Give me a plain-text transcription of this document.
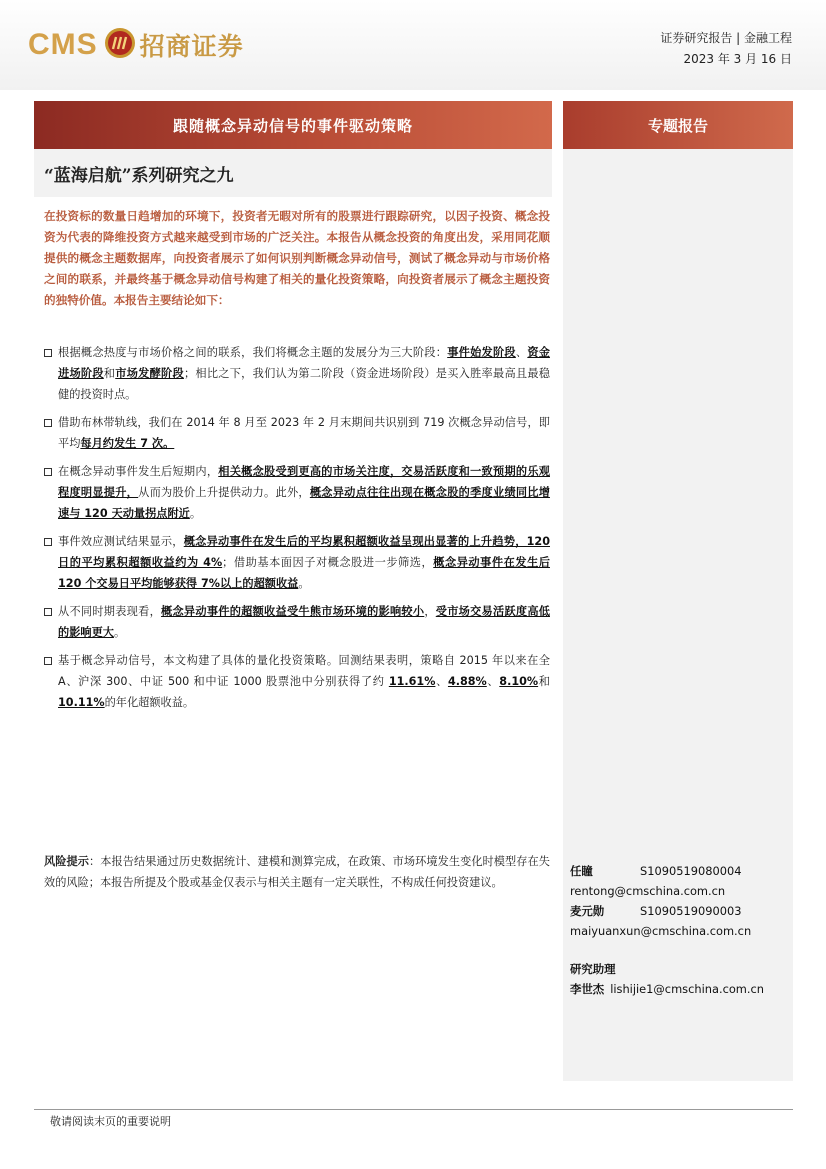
CMS 招商证券	证券研究报告 | 金融工程
2023 年 3 月 16 日
跟随概念异动信号的事件驱动策略	专题报告
“蓝海启航”系列研究之九

在投资标的数量日趋增加的环境下，投资者无暇对所有的股票进行跟踪研究，以因子投资、概念投资为代表的降维投资方式越来越受到市场的广泛关注。本报告从概念投资的角度出发，采用同花顺提供的概念主题数据库，向投资者展示了如何识别判断概念异动信号，测试了概念异动与市场价格之间的联系，并最终基于概念异动信号构建了相关的量化投资策略，向投资者展示了概念主题投资的独特价值。本报告主要结论如下：

根据概念热度与市场价格之间的联系，我们将概念主题的发展分为三大阶段：事件始发阶段、资金进场阶段和市场发酵阶段；相比之下，我们认为第二阶段（资金进场阶段）是买入胜率最高且最稳健的投资时点。
借助布林带轨线，我们在 2014 年 8 月至 2023 年 2 月末期间共识别到 719 次概念异动信号，即平均每月约发生 7 次。
在概念异动事件发生后短期内，相关概念股受到更高的市场关注度，交易活跃度和一致预期的乐观程度明显提升，从而为股价上升提供动力。此外，概念异动点往往出现在概念股的季度业绩同比增速与 120 天动量拐点附近。
事件效应测试结果显示，概念异动事件在发生后的平均累积超额收益呈现出显著的上升趋势，120 日的平均累积超额收益约为 4%；借助基本面因子对概念股进一步筛选，概念异动事件在发生后 120 个交易日平均能够获得 7%以上的超额收益。
从不同时期表现看，概念异动事件的超额收益受牛熊市场环境的影响较小，受市场交易活跃度高低的影响更大。
基于概念异动信号，本文构建了具体的量化投资策略。回测结果表明，策略自 2015 年以来在全 A、沪深 300、中证 500 和中证 1000 股票池中分别获得了约 11.61%、4.88%、8.10%和 10.11%的年化超额收益。

风险提示：本报告结果通过历史数据统计、建模和测算完成，在政策、市场环境发生变化时模型存在失效的风险；本报告所提及个股或基金仅表示与相关主题有一定关联性，不构成任何投资建议。

任瞳	S1090519080004
rentong@cmschina.com.cn
麦元勋	S1090519090003
maiyuanxun@cmschina.com.cn
研究助理
李世杰 lishijie1@cmschina.com.cn
敬请阅读末页的重要说明
